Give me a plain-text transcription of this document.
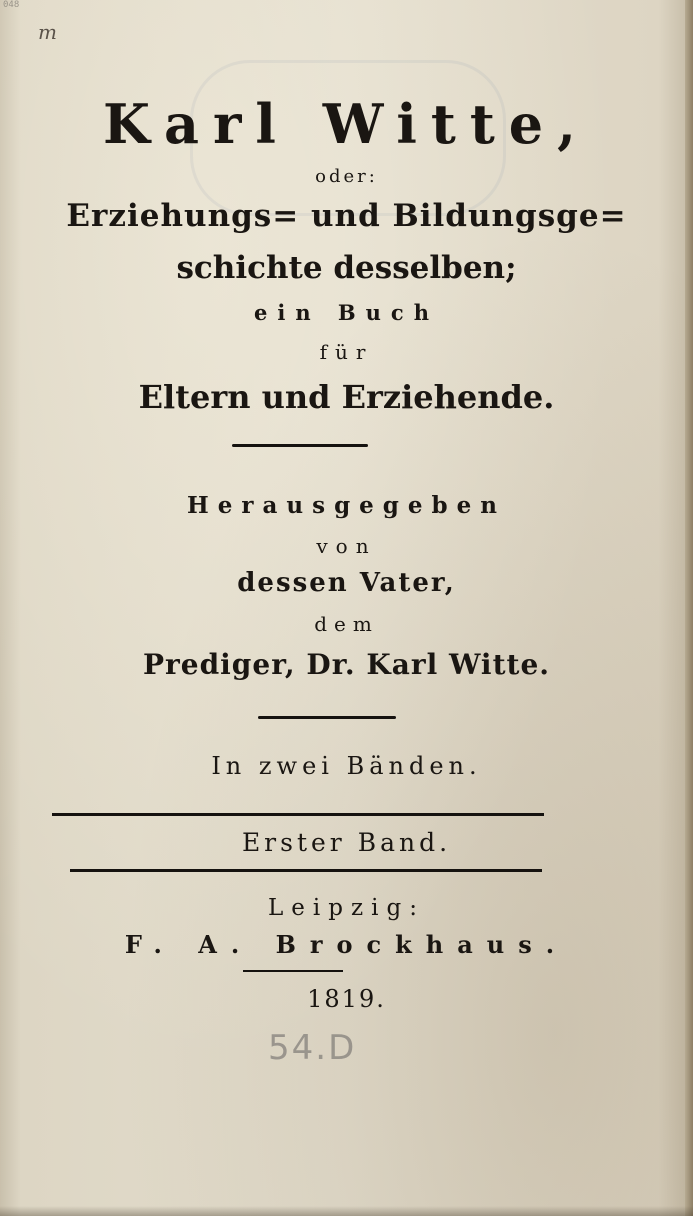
048
m
Karl Witte,
oder:
Erziehungs= und Bildungsge=
schichte desselben;
ein Buch
für
Eltern und Erziehende.
Herausgegeben
von
dessen Vater,
dem
Prediger, Dr. Karl Witte.
In zwei Bänden.
Erster Band.
Leipzig:
F. A. Brockhaus.
1819.
54.D
